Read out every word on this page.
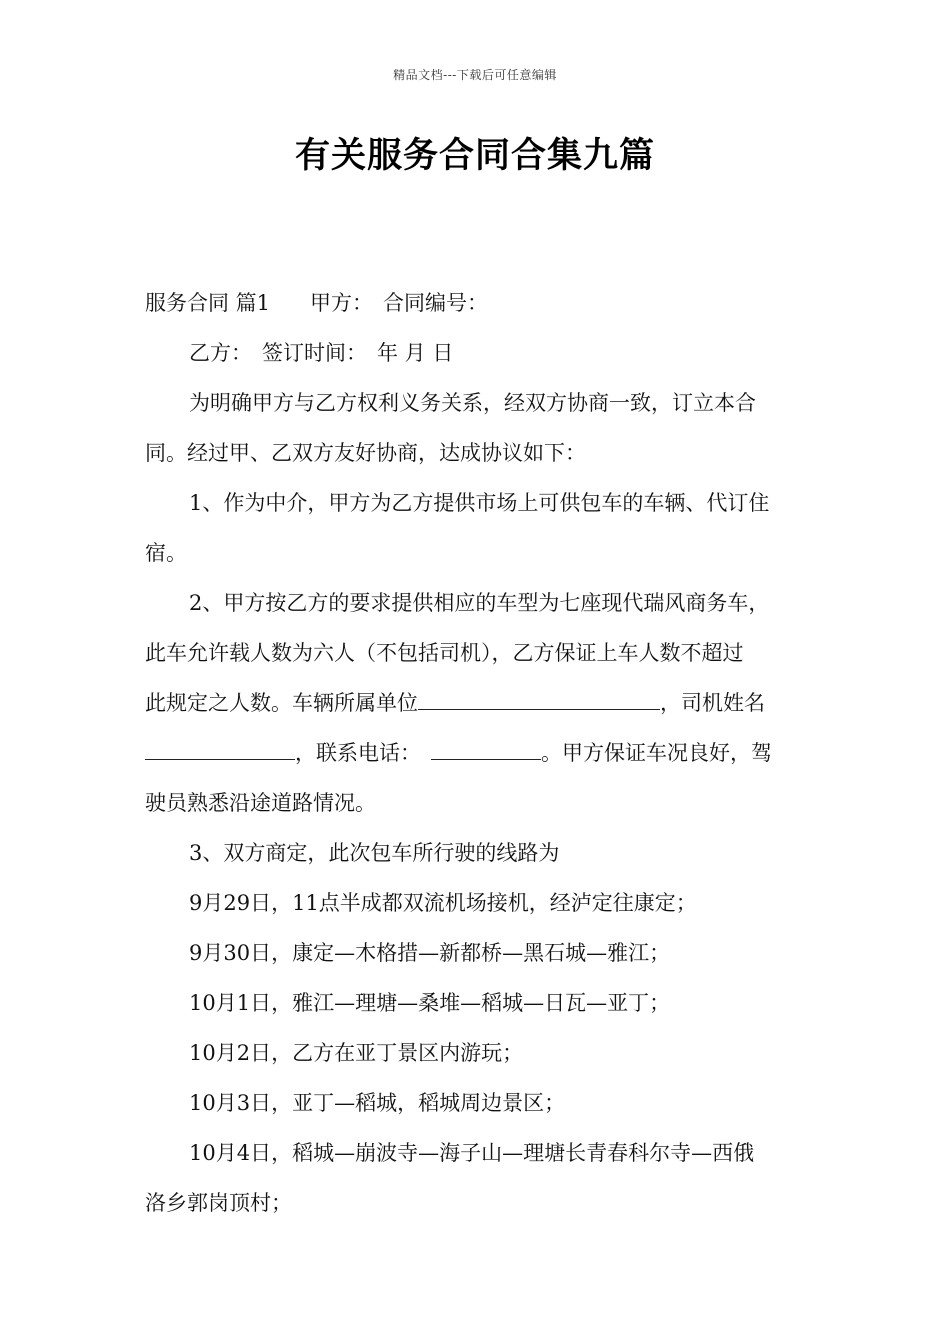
精品文档---下载后可任意编辑
有关服务合同合集九篇
服务合同 篇1 甲方： 合同编号：
乙方： 签订时间： 年 月 日
为明确甲方与乙方权利义务关系，经双方协商一致，订立本合
同。经过甲、乙双方友好协商，达成协议如下：
1、作为中介，甲方为乙方提供市场上可供包车的车辆、代订住
宿。
2、甲方按乙方的要求提供相应的车型为七座现代瑞风商务车，
此车允许载人数为六人（不包括司机），乙方保证上车人数不超过
此规定之人数。车辆所属单位	，司机姓名
，联系电话：	。甲方保证车况良好，驾
驶员熟悉沿途道路情况。
3、双方商定，此次包车所行驶的线路为
9月29日，11点半成都双流机场接机，经泸定往康定；
9月30日，康定—木格措—新都桥—黑石城—雅江；
10月1日，雅江—理塘—桑堆—稻城—日瓦—亚丁；
10月2日，乙方在亚丁景区内游玩；
10月3日，亚丁—稻城，稻城周边景区；
10月4日，稻城—崩波寺—海子山—理塘长青春科尔寺—西俄
洛乡郭岗顶村；
